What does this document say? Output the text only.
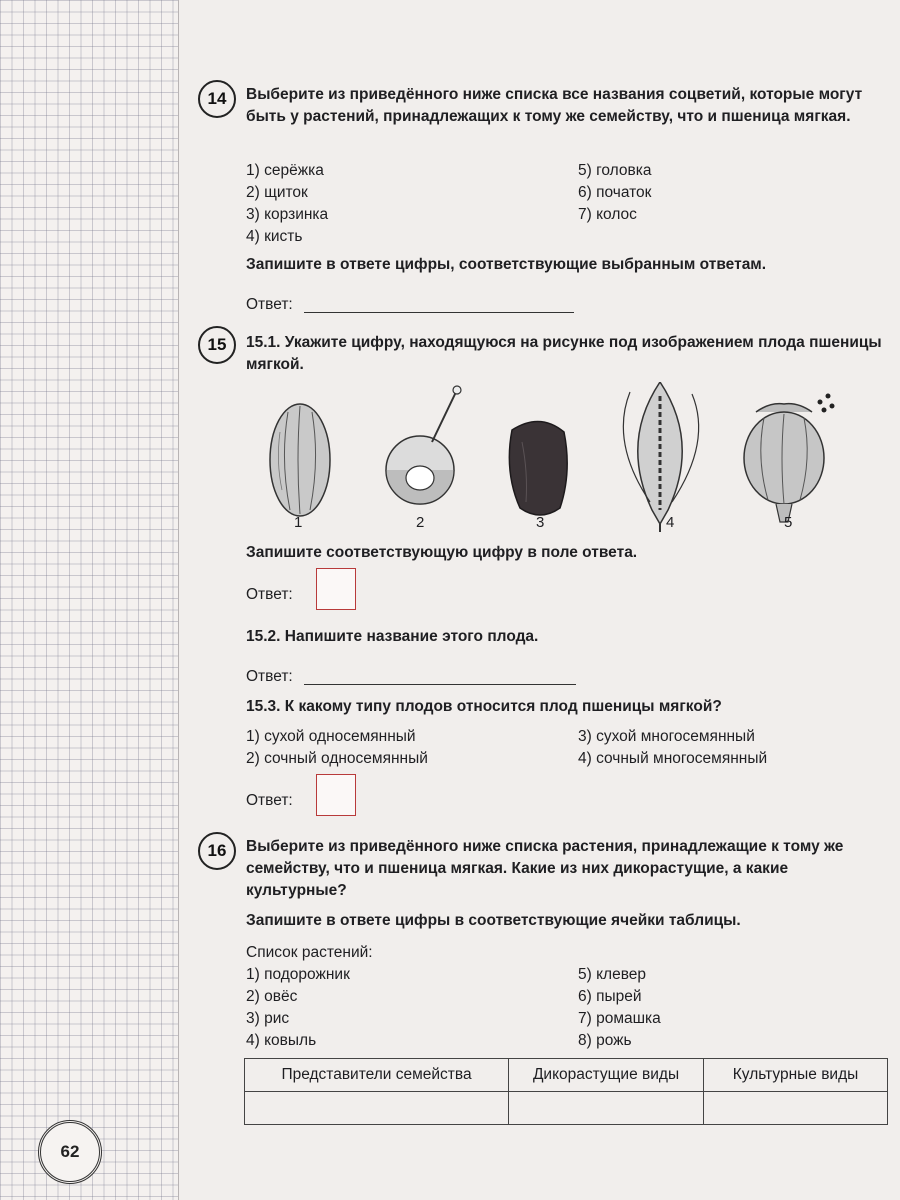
14	Выберите из приведённого ниже списка все названия соцветий, которые могут быть у растений, принадлежащих к тому же семейству, что и пшеница мягкая.
1) серёжка
2) щиток
3) корзинка
4) кисть
5) головка
6) початок
7) колос
Запишите в ответе цифры, соответствующие выбранным ответам.
Ответ:
15	15.1. Укажите цифру, находящуюся на рисунке под изображением плода пшеницы мягкой.
1	2	3	4	5
Запишите соответствующую цифру в поле ответа.
Ответ:
15.2. Напишите название этого плода.
Ответ:
15.3. К какому типу плодов относится плод пшеницы мягкой?
1) сухой односемянный
2) сочный односемянный
3) сухой многосемянный
4) сочный многосемянный
Ответ:
16	Выберите из приведённого ниже списка растения, принадлежащие к тому же семейству, что и пшеница мягкая. Какие из них дикорастущие, а какие культурные?
Запишите в ответе цифры в соответствующие ячейки таблицы.
Список растений:
1) подорожник
2) овёс
3) рис
4) ковыль
5) клевер
6) пырей
7) ромашка
8) рожь
Представители семейства	Дикорастущие виды	Культурные виды

62
